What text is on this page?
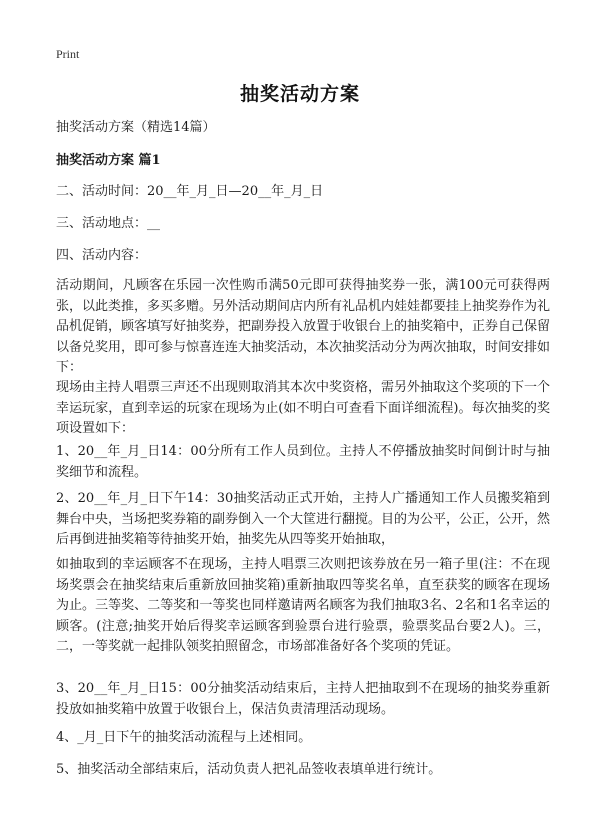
Print
抽奖活动方案

抽奖活动方案（精选14篇）

抽奖活动方案 篇1

二、活动时间：20__年_月_日—20__年_月_日

三、活动地点：__

四、活动内容：

活动期间，凡顾客在乐园一次性购币满50元即可获得抽奖券一张，满100元可获得两张，以此类推，多买多赠。另外活动期间店内所有礼品机内娃娃都要挂上抽奖券作为礼品机促销，顾客填写好抽奖券，把副券投入放置于收银台上的抽奖箱中，正券自己保留以备兑奖用，即可参与惊喜连连大抽奖活动，本次抽奖活动分为两次抽取，时间安排如下：

现场由主持人唱票三声还不出现则取消其本次中奖资格，需另外抽取这个奖项的下一个幸运玩家，直到幸运的玩家在现场为止(如不明白可查看下面详细流程)。每次抽奖的奖项设置如下：

1、20__年_月_日14：00分所有工作人员到位。主持人不停播放抽奖时间倒计时与抽奖细节和流程。

2、20__年_月_日下午14：30抽奖活动正式开始，主持人广播通知工作人员搬奖箱到舞台中央，当场把奖券箱的副券倒入一个大筐进行翻搅。目的为公平，公正，公开，然后再倒进抽奖箱等待抽奖开始，抽奖先从四等奖开始抽取，

如抽取到的幸运顾客不在现场，主持人唱票三次则把该券放在另一箱子里(注：不在现场奖票会在抽奖结束后重新放回抽奖箱)重新抽取四等奖名单，直至获奖的顾客在现场为止。三等奖、二等奖和一等奖也同样邀请两名顾客为我们抽取3名、2名和1名幸运的顾客。(注意;抽奖开始后得奖幸运顾客到验票台进行验票，验票奖品台要2人)。三，二，一等奖就一起排队领奖拍照留念，市场部准备好各个奖项的凭证。

3、20__年_月_日15：00分抽奖活动结束后，主持人把抽取到不在现场的抽奖券重新投放如抽奖箱中放置于收银台上，保洁负责清理活动现场。

4、_月_日下午的抽奖活动流程与上述相同。

5、抽奖活动全部结束后，活动负责人把礼品签收表填单进行统计。
